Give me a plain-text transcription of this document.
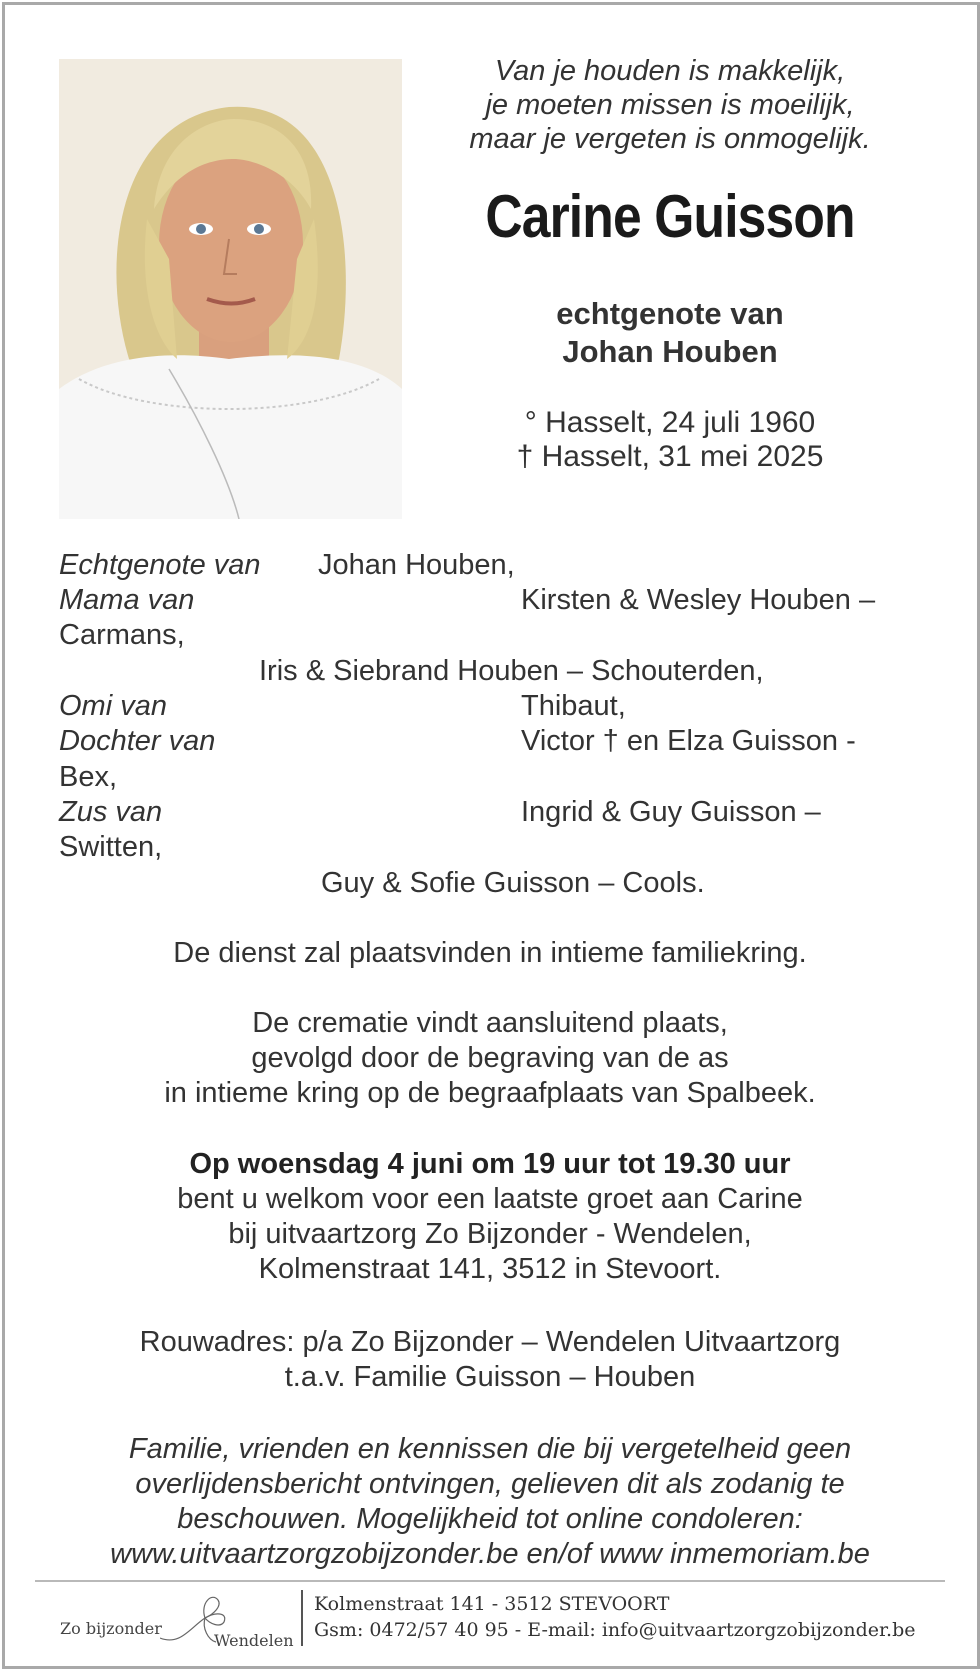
Van je houden is makkelijk,
je moeten missen is moeilijk,
maar je vergeten is onmogelijk.
Carine Guisson
echtgenote van
Johan Houben
° Hasselt, 24 juli 1960
† Hasselt, 31 mei 2025
Echtgenote van Johan Houben,
Mama van	Kirsten & Wesley Houben –
Carmans,
Iris & Siebrand Houben – Schouterden,
Omi van	Thibaut,
Dochter van	Victor † en Elza Guisson -
Bex,
Zus van	Ingrid & Guy Guisson –
Switten,
Guy & Sofie Guisson – Cools.
De dienst zal plaatsvinden in intieme familiekring.
De crematie vindt aansluitend plaats,
gevolgd door de begraving van de as
in intieme kring op de begraafplaats van Spalbeek.
Op woensdag 4 juni om 19 uur tot 19.30 uur
bent u welkom voor een laatste groet aan Carine
bij uitvaartzorg Zo Bijzonder - Wendelen,
Kolmenstraat 141, 3512 in Stevoort.
Rouwadres: p/a Zo Bijzonder – Wendelen Uitvaartzorg
t.a.v. Familie Guisson – Houben
Familie, vrienden en kennissen die bij vergetelheid geen
overlijdensbericht ontvingen, gelieven dit als zodanig te
beschouwen. Mogelijkheid tot online condoleren:
www.uitvaartzorgzobijzonder.be en/of www inmemoriam.be
Zo bijzonder
Wendelen
Kolmenstraat 141 - 3512 STEVOORT
Gsm: 0472/57 40 95 - E-mail: info@uitvaartzorgzobijzonder.be
